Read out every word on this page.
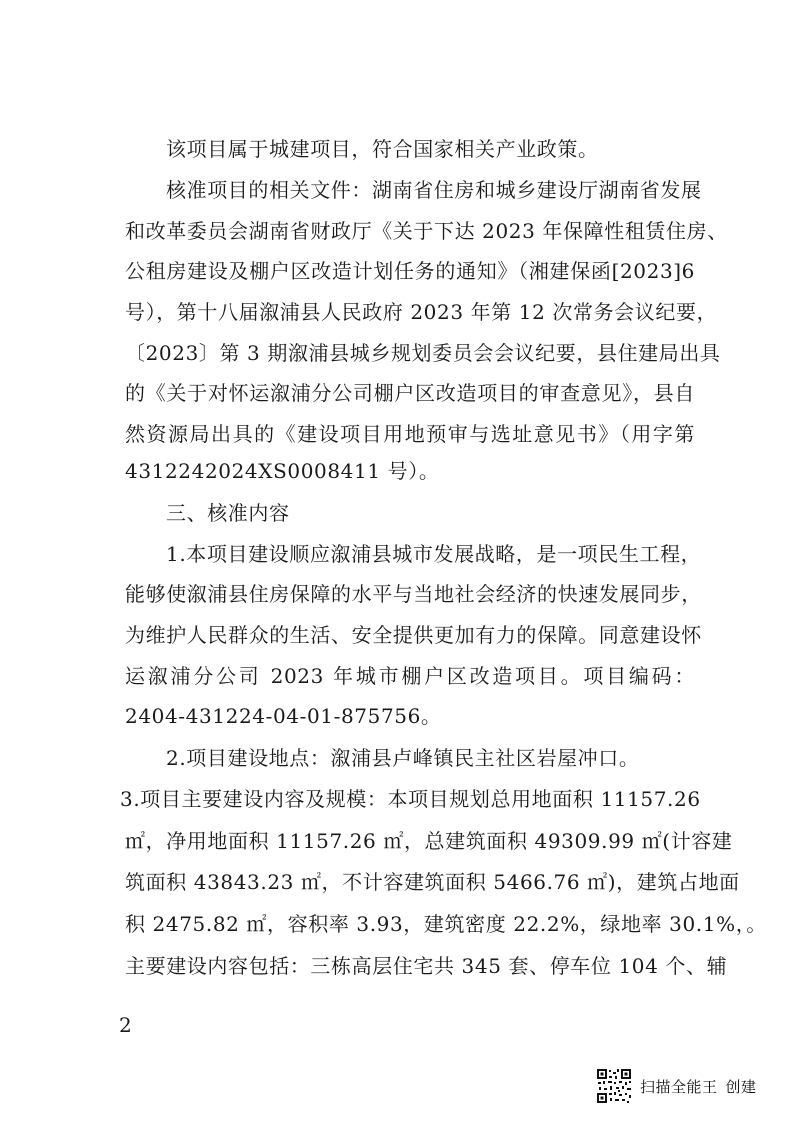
该项目属于城建项目，符合国家相关产业政策。
核准项目的相关文件：湖南省住房和城乡建设厅湖南省发展
和改革委员会湖南省财政厅《关于下达 2023 年保障性租赁住房、
公租房建设及棚户区改造计划任务的通知》（湘建保函[2023]6
号），第十八届溆浦县人民政府 2023 年第 12 次常务会议纪要，
〔2023〕第 3 期溆浦县城乡规划委员会会议纪要，县住建局出具
的《关于对怀运溆浦分公司棚户区改造项目的审查意见》，县自
然资源局出具的《建设项目用地预审与选址意见书》（用字第
4312242024XS0008411 号）。
三、核准内容
1.本项目建设顺应溆浦县城市发展战略，是一项民生工程，
能够使溆浦县住房保障的水平与当地社会经济的快速发展同步，
为维护人民群众的生活、安全提供更加有力的保障。同意建设怀
运溆浦分公司 2023 年城市棚户区改造项目。项目编码：
2404-431224-04-01-875756。
2.项目建设地点：溆浦县卢峰镇民主社区岩屋冲口。
3.项目主要建设内容及规模：本项目规划总用地面积 11157.26
㎡，净用地面积 11157.26 ㎡，总建筑面积 49309.99 ㎡(计容建
筑面积 43843.23 ㎡，不计容建筑面积 5466.76 ㎡)，建筑占地面
积 2475.82 ㎡，容积率 3.93，建筑密度 22.2%，绿地率 30.1%，。
主要建设内容包括：三栋高层住宅共 345 套、停车位 104 个、辅
2
扫描全能王 创建
